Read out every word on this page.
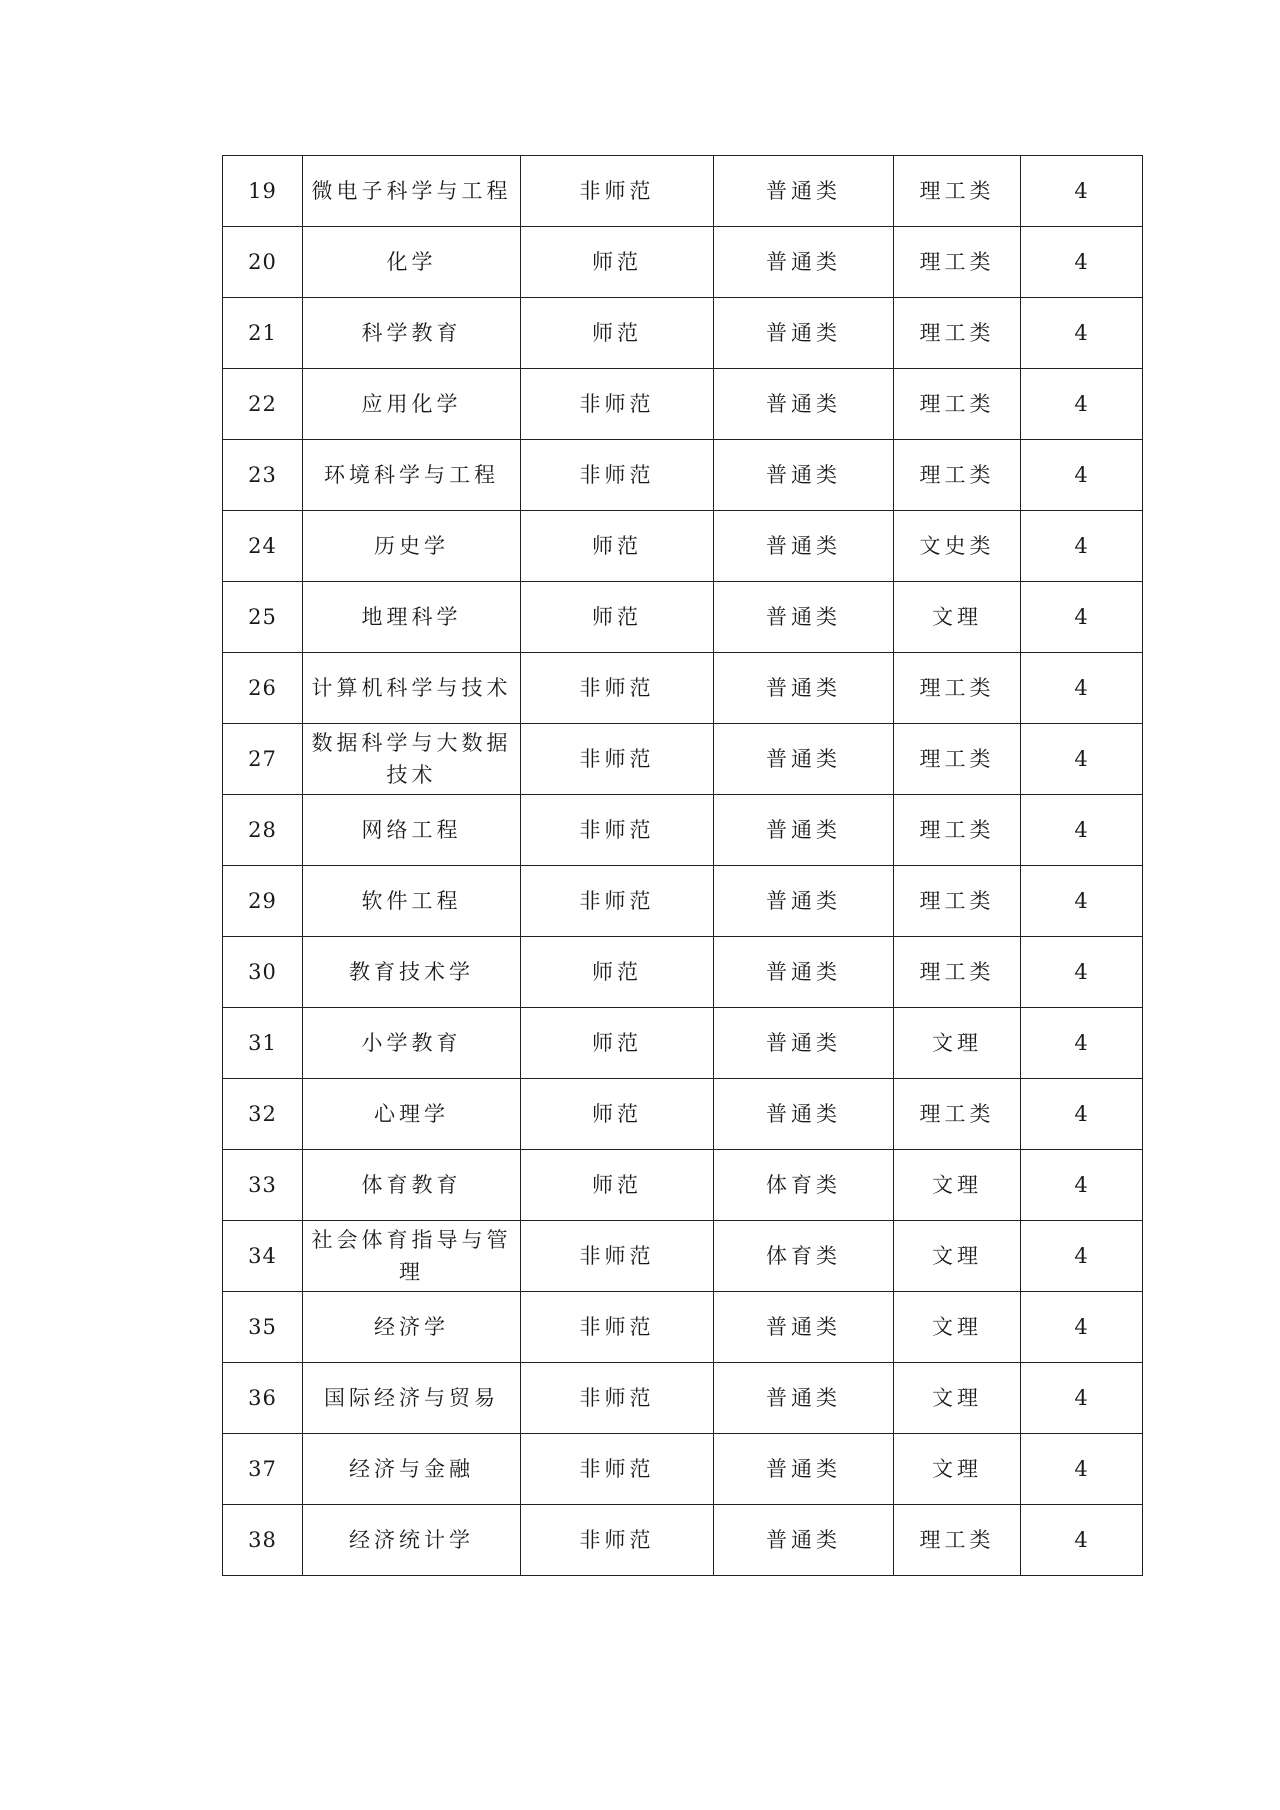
19	微电子科学与工程	非师范	普通类	理工类	4
20	化学	师范	普通类	理工类	4
21	科学教育	师范	普通类	理工类	4
22	应用化学	非师范	普通类	理工类	4
23	环境科学与工程	非师范	普通类	理工类	4
24	历史学	师范	普通类	文史类	4
25	地理科学	师范	普通类	文理	4
26	计算机科学与技术	非师范	普通类	理工类	4
27	数据科学与大数据技术	非师范	普通类	理工类	4
28	网络工程	非师范	普通类	理工类	4
29	软件工程	非师范	普通类	理工类	4
30	教育技术学	师范	普通类	理工类	4
31	小学教育	师范	普通类	文理	4
32	心理学	师范	普通类	理工类	4
33	体育教育	师范	体育类	文理	4
34	社会体育指导与管理	非师范	体育类	文理	4
35	经济学	非师范	普通类	文理	4
36	国际经济与贸易	非师范	普通类	文理	4
37	经济与金融	非师范	普通类	文理	4
38	经济统计学	非师范	普通类	理工类	4
